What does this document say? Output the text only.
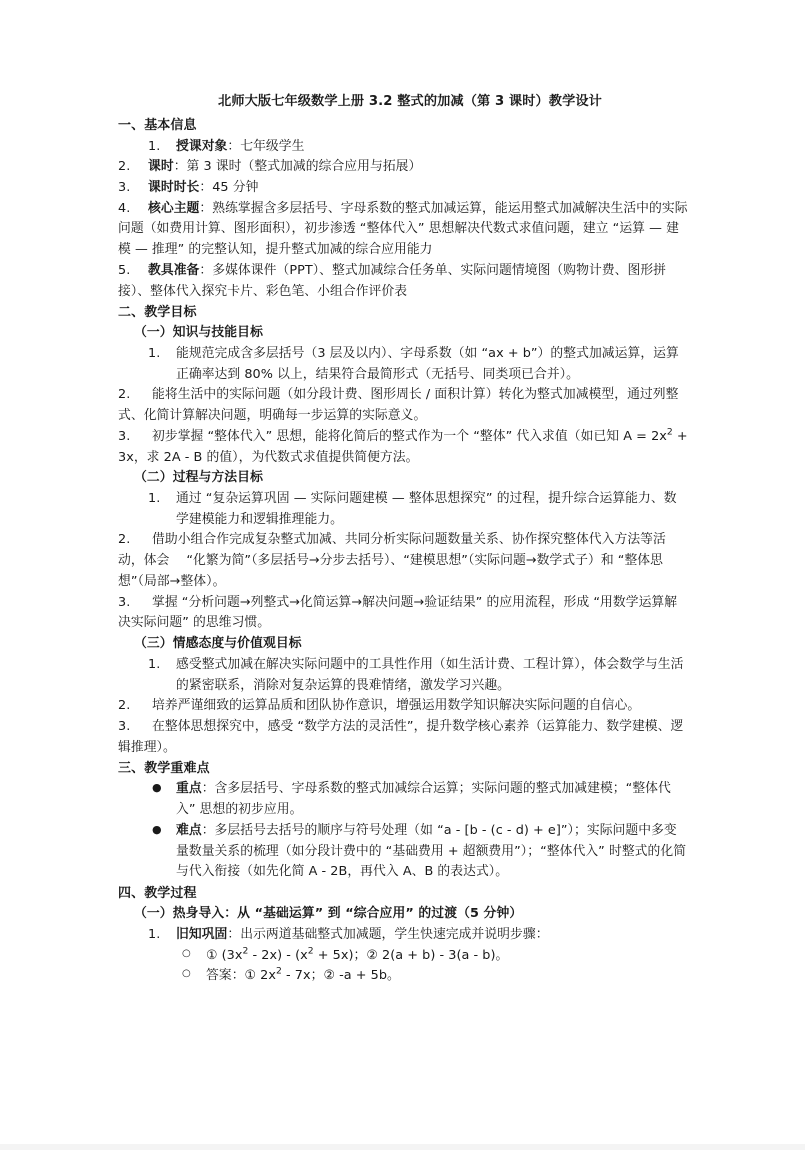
北师大版七年级数学上册 3.2 整式的加减（第 3 课时）教学设计
一、基本信息
1.	授课对象：七年级学生
2.	课时：第 3 课时（整式加减的综合应用与拓展）
3.	课时时长：45 分钟
4.	核心主题：熟练掌握含多层括号、字母系数的整式加减运算，能运用整式加减解决生活中的实际问题（如费用计算、图形面积），初步渗透 “整体代入” 思想解决代数式求值问题，建立 “运算 — 建模 — 推理” 的完整认知，提升整式加减的综合应用能力
5.	教具准备：多媒体课件（PPT）、整式加减综合任务单、实际问题情境图（购物计费、图形拼接）、整体代入探究卡片、彩色笔、小组合作评价表
二、教学目标
（一）知识与技能目标
1.	能规范完成含多层括号（3 层及以内）、字母系数（如 “ax + b”）的整式加减运算，运算正确率达到 80% 以上，结果符合最简形式（无括号、同类项已合并）。
2.	能将生活中的实际问题（如分段计费、图形周长 / 面积计算）转化为整式加减模型，通过列整式、化简计算解决问题，明确每一步运算的实际意义。
3.	初步掌握 “整体代入” 思想，能将化简后的整式作为一个 “整体” 代入求值（如已知 $A = 2x^2 + 3x$，求 2A - B 的值），为代数式求值提供简便方法。
（二）过程与方法目标
1.	通过 “复杂运算巩固 — 实际问题建模 — 整体思想探究” 的过程，提升综合运算能力、数学建模能力和逻辑推理能力。
2.	借助小组合作完成复杂整式加减、共同分析实际问题数量关系、协作探究整体代入方法等活动，体会 　“化繁为简”（多层括号→分步去括号）、“建模思想”（实际问题→数学式子）和 “整体思想”（局部→整体）。
3.	掌握 “分析问题→列整式→化简运算→解决问题→验证结果” 的应用流程，形成 “用数学运算解决实际问题” 的思维习惯。
（三）情感态度与价值观目标
1.	感受整式加减在解决实际问题中的工具性作用（如生活计费、工程计算），体会数学与生活的紧密联系，消除对复杂运算的畏难情绪，激发学习兴趣。
2.	培养严谨细致的运算品质和团队协作意识，增强运用数学知识解决实际问题的自信心。
3.	在整体思想探究中，感受 “数学方法的灵活性”，提升数学核心素养（运算能力、数学建模、逻辑推理）。
三、教学重难点
● 重点：含多层括号、字母系数的整式加减综合运算；实际问题的整式加减建模；“整体代入” 思想的初步应用。
● 难点：多层括号去括号的顺序与符号处理（如 “a - [b - (c - d) + e]”）；实际问题中多变量数量关系的梳理（如分段计费中的 “基础费用 + 超额费用”）；“整体代入” 时整式的化简与代入衔接（如先化简 A - 2B，再代入 A、B 的表达式）。
四、教学过程
（一）热身导入：从 “基础运算” 到 “综合应用” 的过渡（5 分钟）
1.	旧知巩固：出示两道基础整式加减题，学生快速完成并说明步骤：
○ ① $(3x^2 - 2x) - (x^2 + 5x)$；② 2(a + b) - 3(a - b)。
○ 答案：① $2x^2 - 7x$；② -a + 5b。
